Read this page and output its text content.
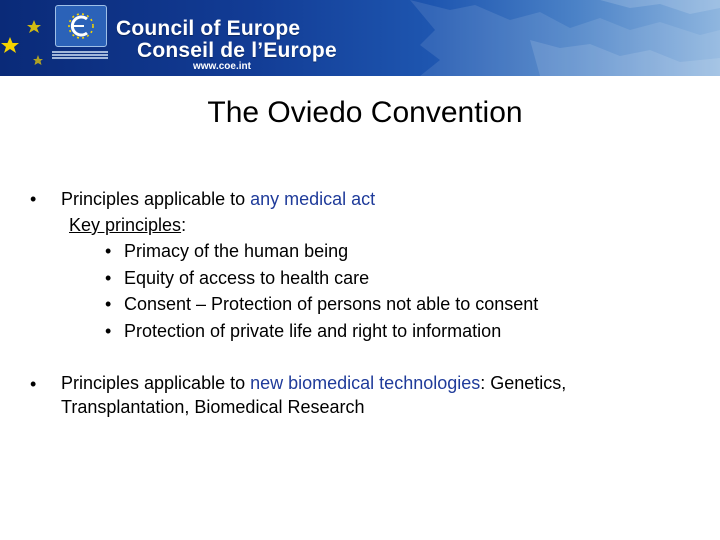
Council of Europe
Conseil de l’Europe
www.coe.int
The Oviedo Convention
• Principles applicable to any medical act
Key principles:
• Primacy of the human being
• Equity of access to health care
• Consent – Protection of persons not able to consent
• Protection of private life and right to information
• Principles applicable to new biomedical technologies: Genetics, Transplantation, Biomedical Research
